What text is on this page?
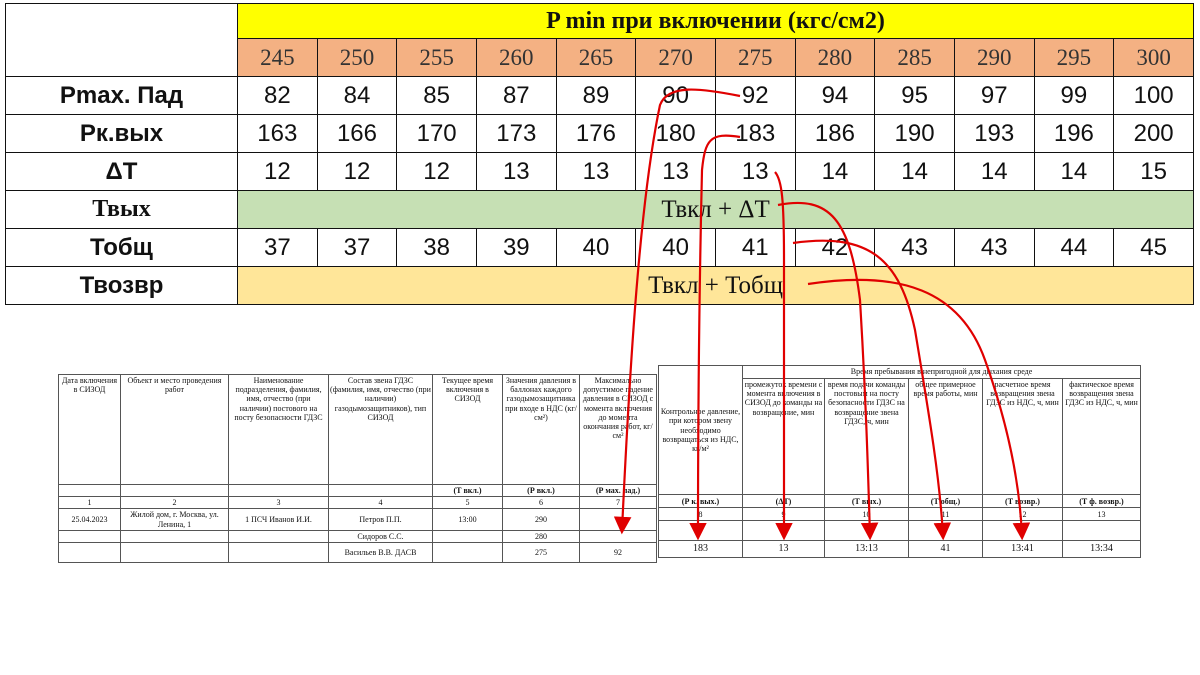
	P min при включении (кгс/см2)											
	245	250	255	260	265	270	275	280	285	290	295	300
Pmax. Пад	82	84	85	87	89	90	92	94	95	97	99	100
Рк.вых	163	166	170	173	176	180	183	186	190	193	196	200
ΔТ	12	12	12	13	13	13	13	14	14	14	14	15
Твых	Твкл + ΔТ											
Тобщ	37	37	38	39	40	40	41	42	43	43	44	45
Твозвр	Твкл + Тобщ											
Дата включения в СИЗОД	Объект и место проведения работ	Наименование подразделения, фамилия, имя, отчество (при наличии) постового на посту безопасности ГДЗС	Состав звена ГДЗС (фамилия, имя, отчество (при наличии) газодымозащитников), тип СИЗОД	Текущее время включения в СИЗОД	Значения давления в баллонах каждого газодымозащитника при входе в НДС (кг/см²)	Максимально допустимое падение давления в СИЗОД с момента включения до момента окончания работ, кг/см²
				(Т вкл.)	(Р вкл.)	(Р мах. пад.)
1	2	3	4	5	6	7
25.04.2023	Жилой дом, г. Москва, ул. Ленина, 1	1 ПСЧ Иванов И.И.	Петров П.П.	13:00	290	
			Сидоров С.С.		280	
			Васильев В.В. ДАСВ		275	92
Контрольное давление, при котором звену необходимо возвращаться из НДС, кг/м²	Время пребывания в непригодной для дыхания среде				
	промежуток времени с момента включения в СИЗОД до команды на возвращение, мин	время подачи команды постовым на посту безопасности ГДЗС на возвращение звена ГДЗС, ч, мин	общее примерное время работы, мин	расчетное время возвращения звена ГДЗС из НДС, ч, мин	фактическое время возвращения звена ГДЗС из НДС, ч, мин
(Р к. вых.)	(ΔТ)	(Т вых.)	(Т общ.)	(Т возвр.)	(Т ф. возвр.)
8	9	10	11	12	13

183	13	13:13	41	13:41	13:34
